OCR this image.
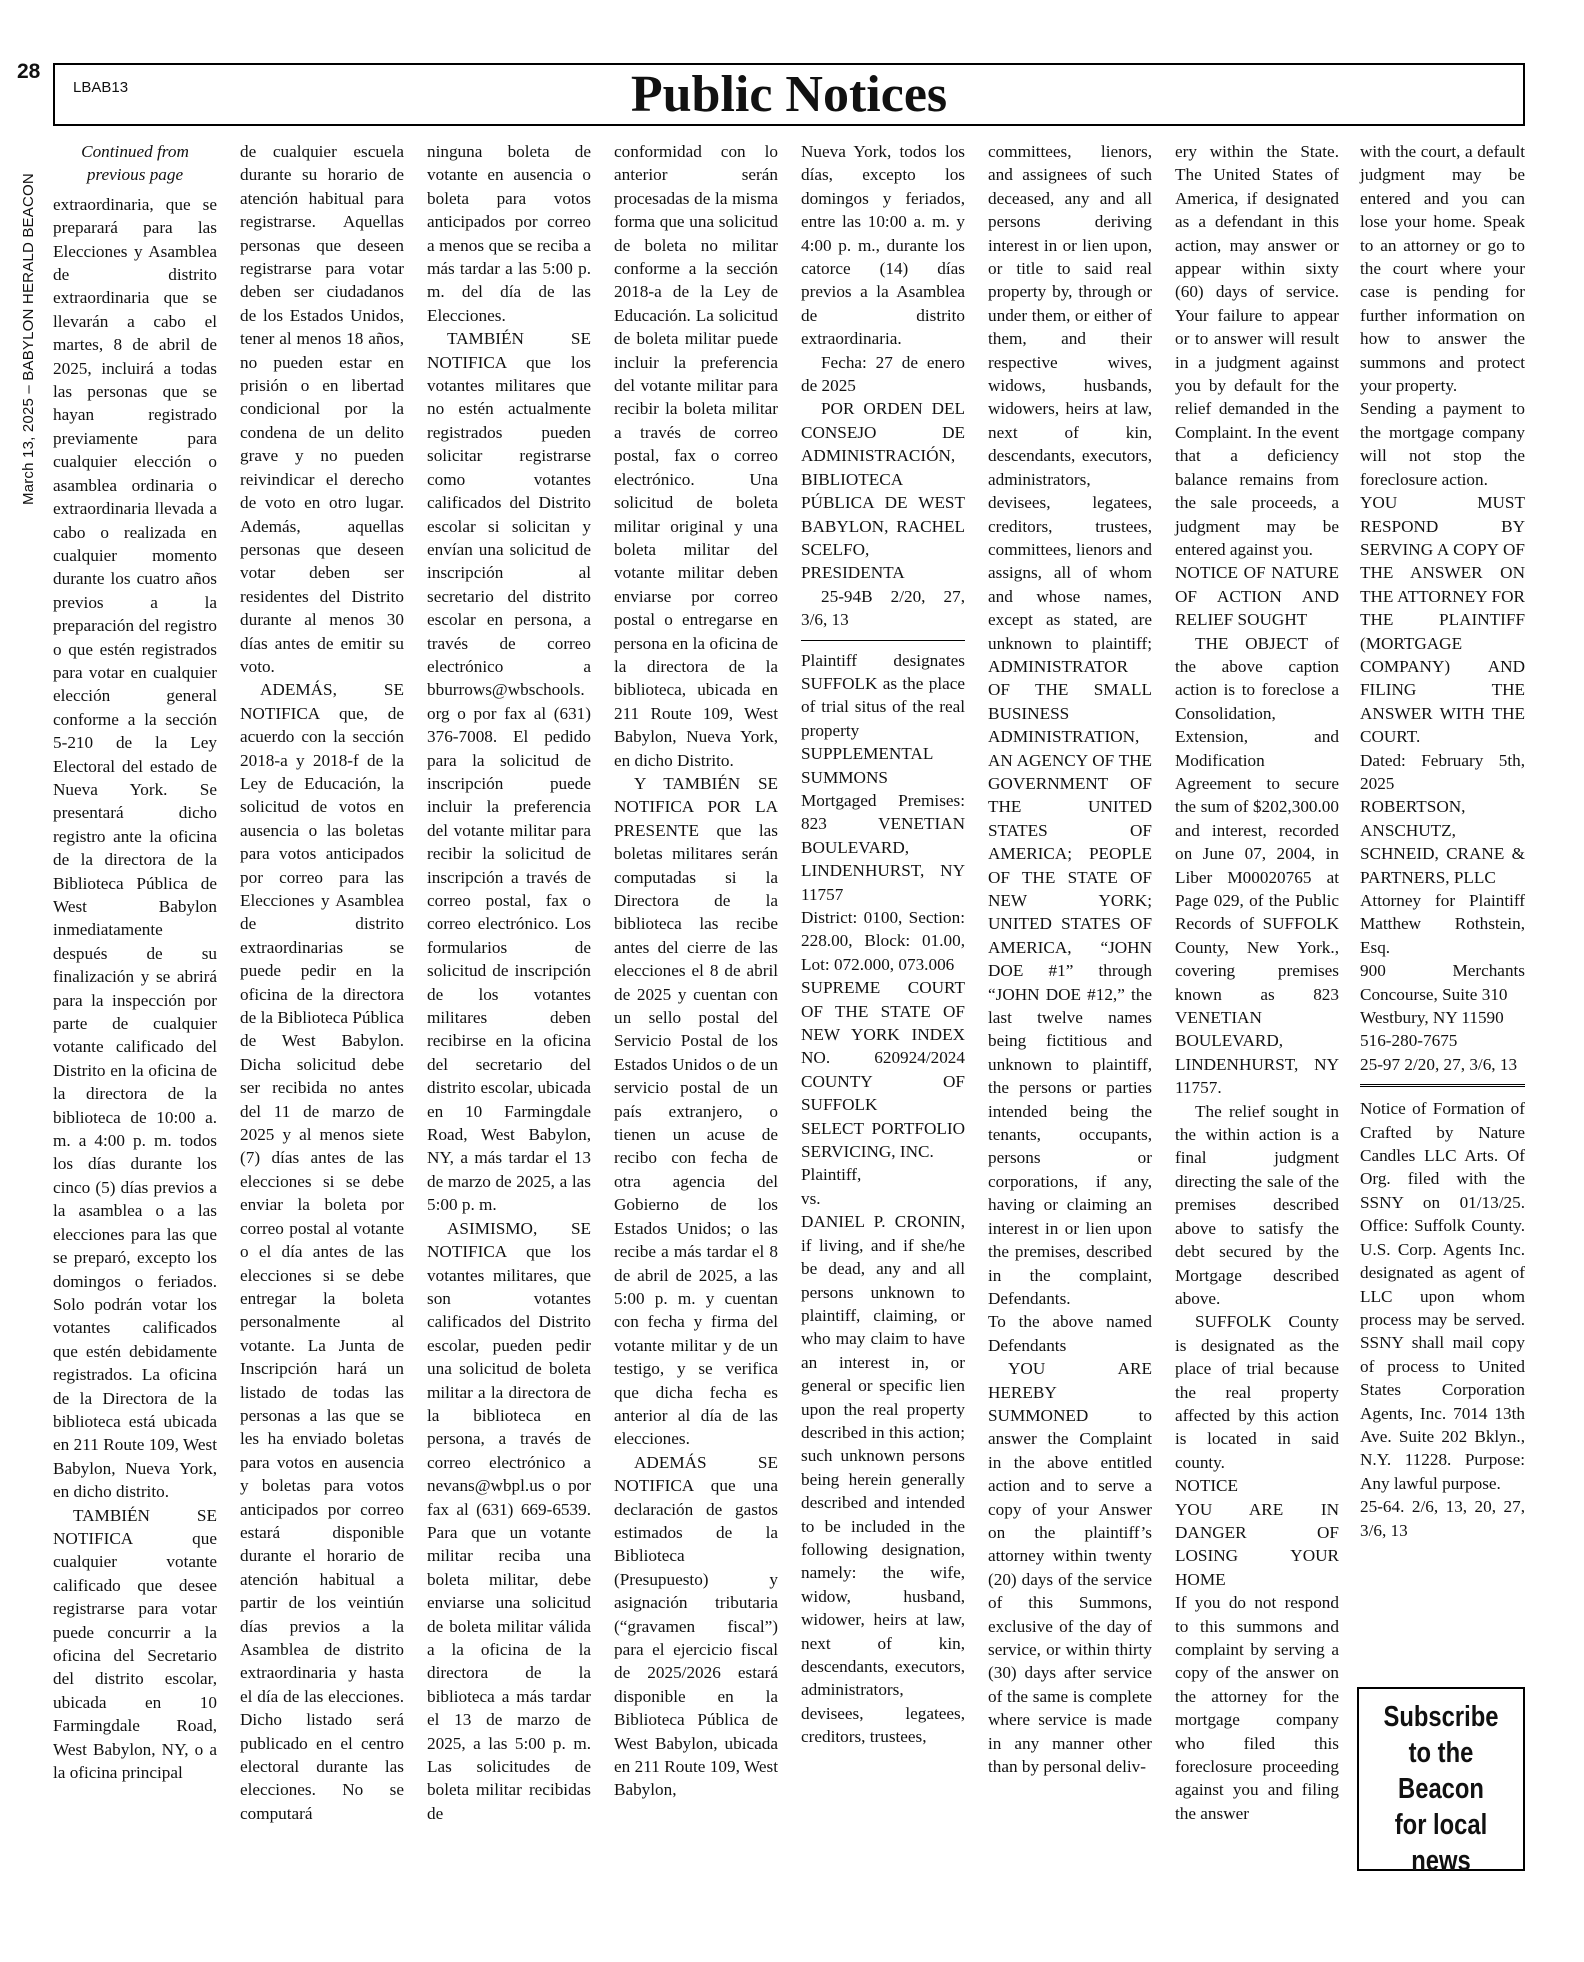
28
March 13, 2025 – BABYLON HERALD BEACON
LBAB13	Public Notices

Continued from previous page

extraordinaria, que se preparará para las Elecciones y Asamblea de distrito extraordinaria que se llevarán a cabo el martes, 8 de abril de 2025, incluirá a todas las personas que se hayan registrado previamente para cualquier elección o asamblea ordinaria o extraordinaria llevada a cabo o realizada en cualquier momento durante los cuatro años previos a la preparación del registro o que estén registrados para votar en cualquier elección general conforme a la sección 5-210 de la Ley Electoral del estado de Nueva York. Se presentará dicho registro ante la oficina de la directora de la Biblioteca Pública de West Babylon inmediatamente después de su finalización y se abrirá para la inspección por parte de cualquier votante calificado del Distrito en la oficina de la directora de la biblioteca de 10:00 a. m. a 4:00 p. m. todos los días durante los cinco (5) días previos a la asamblea o a las elecciones para las que se preparó, excepto los domingos o feriados. Solo podrán votar los votantes calificados que estén debidamente registrados. La oficina de la Directora de la biblioteca está ubicada en 211 Route 109, West Babylon, Nueva York, en dicho distrito.

TAMBIÉN SE NOTIFICA que cualquier votante calificado que desee registrarse para votar puede concurrir a la oficina del Secretario del distrito escolar, ubicada en 10 Farmingdale Road, West Babylon, NY, o a la oficina principal

de cualquier escuela durante su horario de atención habitual para registrarse. Aquellas personas que deseen registrarse para votar deben ser ciudadanos de los Estados Unidos, tener al menos 18 años, no pueden estar en prisión o en libertad condicional por la condena de un delito grave y no pueden reivindicar el derecho de voto en otro lugar. Además, aquellas personas que deseen votar deben ser residentes del Distrito durante al menos 30 días antes de emitir su voto.

ADEMÁS, SE NOTIFICA que, de acuerdo con la sección 2018-a y 2018-f de la Ley de Educación, la solicitud de votos en ausencia o las boletas para votos anticipados por correo para las Elecciones y Asamblea de distrito extraordinarias se puede pedir en la oficina de la directora de la Biblioteca Pública de West Babylon. Dicha solicitud debe ser recibida no antes del 11 de marzo de 2025 y al menos siete (7) días antes de las elecciones si se debe enviar la boleta por correo postal al votante o el día antes de las elecciones si se debe entregar la boleta personalmente al votante. La Junta de Inscripción hará un listado de todas las personas a las que se les ha enviado boletas para votos en ausencia y boletas para votos anticipados por correo estará disponible durante el horario de atención habitual a partir de los veintiún días previos a la Asamblea de distrito extraordinaria y hasta el día de las elecciones. Dicho listado será publicado en el centro electoral durante las elecciones. No se computará

ninguna boleta de votante en ausencia o boleta para votos anticipados por correo a menos que se reciba a más tardar a las 5:00 p. m. del día de las Elecciones.

TAMBIÉN SE NOTIFICA que los votantes militares que no estén actualmente registrados pueden solicitar registrarse como votantes calificados del Distrito escolar si solicitan y envían una solicitud de inscripción al secretario del distrito escolar en persona, a través de correo electrónico a bburrows@wbschools.org o por fax al (631) 376-7008. El pedido para la solicitud de inscripción puede incluir la preferencia del votante militar para recibir la solicitud de inscripción a través de correo postal, fax o correo electrónico. Los formularios de solicitud de inscripción de los votantes militares deben recibirse en la oficina del secretario del distrito escolar, ubicada en 10 Farmingdale Road, West Babylon, NY, a más tardar el 13 de marzo de 2025, a las 5:00 p. m.

ASIMISMO, SE NOTIFICA que los votantes militares, que son votantes calificados del Distrito escolar, pueden pedir una solicitud de boleta militar a la directora de la biblioteca en persona, a través de correo electrónico a nevans@wbpl.us o por fax al (631) 669-6539. Para que un votante militar reciba una boleta militar, debe enviarse una solicitud de boleta militar válida a la oficina de la directora de la biblioteca a más tardar el 13 de marzo de 2025, a las 5:00 p. m. Las solicitudes de boleta militar recibidas de

conformidad con lo anterior serán procesadas de la misma forma que una solicitud de boleta no militar conforme a la sección 2018-a de la Ley de Educación. La solicitud de boleta militar puede incluir la preferencia del votante militar para recibir la boleta militar a través de correo postal, fax o correo electrónico. Una solicitud de boleta militar original y una boleta militar del votante militar deben enviarse por correo postal o entregarse en persona en la oficina de la directora de la biblioteca, ubicada en 211 Route 109, West Babylon, Nueva York, en dicho Distrito.

Y TAMBIÉN SE NOTIFICA POR LA PRESENTE que las boletas militares serán computadas si la Directora de la biblioteca las recibe antes del cierre de las elecciones el 8 de abril de 2025 y cuentan con un sello postal del Servicio Postal de los Estados Unidos o de un servicio postal de un país extranjero, o tienen un acuse de recibo con fecha de otra agencia del Gobierno de los Estados Unidos; o las recibe a más tardar el 8 de abril de 2025, a las 5:00 p. m. y cuentan con fecha y firma del votante militar y de un testigo, y se verifica que dicha fecha es anterior al día de las elecciones.

ADEMÁS SE NOTIFICA que una declaración de gastos estimados de la Biblioteca (Presupuesto) y asignación tributaria (“gravamen fiscal”) para el ejercicio fiscal de 2025/2026 estará disponible en la Biblioteca Pública de West Babylon, ubicada en 211 Route 109, West Babylon,

Nueva York, todos los días, excepto los domingos y feriados, entre las 10:00 a. m. y 4:00 p. m., durante los catorce (14) días previos a la Asamblea de distrito extraordinaria.

Fecha: 27 de enero de 2025

POR ORDEN DEL CONSEJO DE ADMINISTRACIÓN, BIBLIOTECA PÚBLICA DE WEST BABYLON, RACHEL SCELFO, PRESIDENTA

25-94B 2/20, 27, 3/6, 13

Plaintiff designates SUFFOLK as the place of trial situs of the real property SUPPLEMENTAL SUMMONS

Mortgaged Premises: 823 VENETIAN BOULEVARD, LINDENHURST, NY 11757

District: 0100, Section: 228.00, Block: 01.00, Lot: 072.000, 073.006

SUPREME COURT OF THE STATE OF NEW YORK INDEX NO. 620924/2024 COUNTY OF SUFFOLK

SELECT PORTFOLIO SERVICING, INC.

Plaintiff,

vs.

DANIEL P. CRONIN, if living, and if she/he be dead, any and all persons unknown to plaintiff, claiming, or who may claim to have an interest in, or general or specific lien upon the real property described in this action; such unknown persons being herein generally described and intended to be included in the following designation, namely: the wife, widow, husband, widower, heirs at law, next of kin, descendants, executors, administrators, devisees, legatees, creditors, trustees,

committees, lienors, and assignees of such deceased, any and all persons deriving interest in or lien upon, or title to said real property by, through or under them, or either of them, and their respective wives, widows, husbands, widowers, heirs at law, next of kin, descendants, executors, administrators, devisees, legatees, creditors, trustees, committees, lienors and assigns, all of whom and whose names, except as stated, are unknown to plaintiff; ADMINISTRATOR OF THE SMALL BUSINESS ADMINISTRATION, AN AGENCY OF THE GOVERNMENT OF THE UNITED STATES OF AMERICA; PEOPLE OF THE STATE OF NEW YORK; UNITED STATES OF AMERICA, “JOHN DOE #1” through “JOHN DOE #12,” the last twelve names being fictitious and unknown to plaintiff, the persons or parties intended being the tenants, occupants, persons or corporations, if any, having or claiming an interest in or lien upon the premises, described in the complaint, Defendants.

To the above named Defendants

YOU ARE HEREBY SUMMONED to answer the Complaint in the above entitled action and to serve a copy of your Answer on the plaintiff’s attorney within twenty (20) days of the service of this Summons, exclusive of the day of service, or within thirty (30) days after service of the same is complete where service is made in any manner other than by personal deliv-

ery within the State. The United States of America, if designated as a defendant in this action, may answer or appear within sixty (60) days of service. Your failure to appear or to answer will result in a judgment against you by default for the relief demanded in the Complaint. In the event that a deficiency balance remains from the sale proceeds, a judgment may be entered against you.

NOTICE OF NATURE OF ACTION AND RELIEF SOUGHT

THE OBJECT of the above caption action is to foreclose a Consolidation, Extension, and Modification Agreement to secure the sum of $202,300.00 and interest, recorded on June 07, 2004, in Liber M00020765 at Page 029, of the Public Records of SUFFOLK County, New York., covering premises known as 823 VENETIAN BOULEVARD, LINDENHURST, NY 11757.

The relief sought in the within action is a final judgment directing the sale of the premises described above to satisfy the debt secured by the Mortgage described above.

SUFFOLK County is designated as the place of trial because the real property affected by this action is located in said county.

NOTICE

YOU ARE IN DANGER OF LOSING YOUR HOME

If you do not respond to this summons and complaint by serving a copy of the answer on the attorney for the mortgage company who filed this foreclosure proceeding against you and filing the answer

with the court, a default judgment may be entered and you can lose your home. Speak to an attorney or go to the court where your case is pending for further information on how to answer the summons and protect your property.

Sending a payment to the mortgage company will not stop the foreclosure action.

YOU MUST RESPOND BY SERVING A COPY OF THE ANSWER ON THE ATTORNEY FOR THE PLAINTIFF (MORTGAGE COMPANY) AND FILING THE ANSWER WITH THE COURT.

Dated: February 5th, 2025

ROBERTSON, ANSCHUTZ, SCHNEID, CRANE & PARTNERS, PLLC

Attorney for Plaintiff Matthew Rothstein, Esq.

900 Merchants Concourse, Suite 310

Westbury, NY 11590

516-280-7675

25-97 2/20, 27, 3/6, 13

Notice of Formation of Crafted by Nature Candles LLC Arts. Of Org. filed with the SSNY on 01/13/25. Office: Suffolk County. U.S. Corp. Agents Inc. designated as agent of LLC upon whom process may be served. SSNY shall mail copy of process to United States Corporation Agents, Inc. 7014 13th Ave. Suite 202 Bklyn., N.Y. 11228. Purpose: Any lawful purpose.

25-64. 2/6, 13, 20, 27, 3/6, 13

Subscribe
to the
Beacon
for local
news
